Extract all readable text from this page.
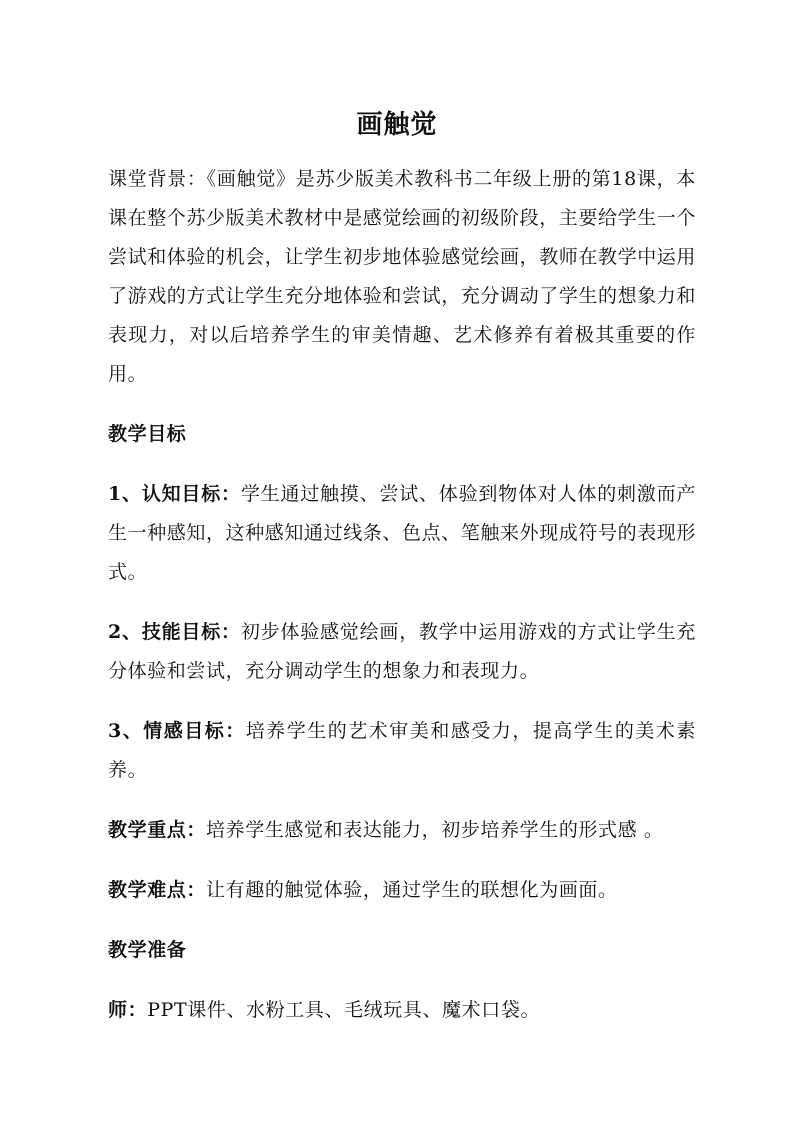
画触觉

课堂背景：《画触觉》是苏少版美术教科书二年级上册的第18课，本课在整个苏少版美术教材中是感觉绘画的初级阶段，主要给学生一个尝试和体验的机会，让学生初步地体验感觉绘画，教师在教学中运用了游戏的方式让学生充分地体验和尝试，充分调动了学生的想象力和表现力，对以后培养学生的审美情趣、艺术修养有着极其重要的作用。

教学目标

1、认知目标：学生通过触摸、尝试、体验到物体对人体的刺激而产生一种感知，这种感知通过线条、色点、笔触来外现成符号的表现形式。

2、技能目标：初步体验感觉绘画，教学中运用游戏的方式让学生充分体验和尝试，充分调动学生的想象力和表现力。

3、情感目标：培养学生的艺术审美和感受力，提高学生的美术素养。

教学重点：培养学生感觉和表达能力，初步培养学生的形式感 。

教学难点：让有趣的触觉体验，通过学生的联想化为画面。

教学准备

师：PPT课件、水粉工具、毛绒玩具、魔术口袋。
